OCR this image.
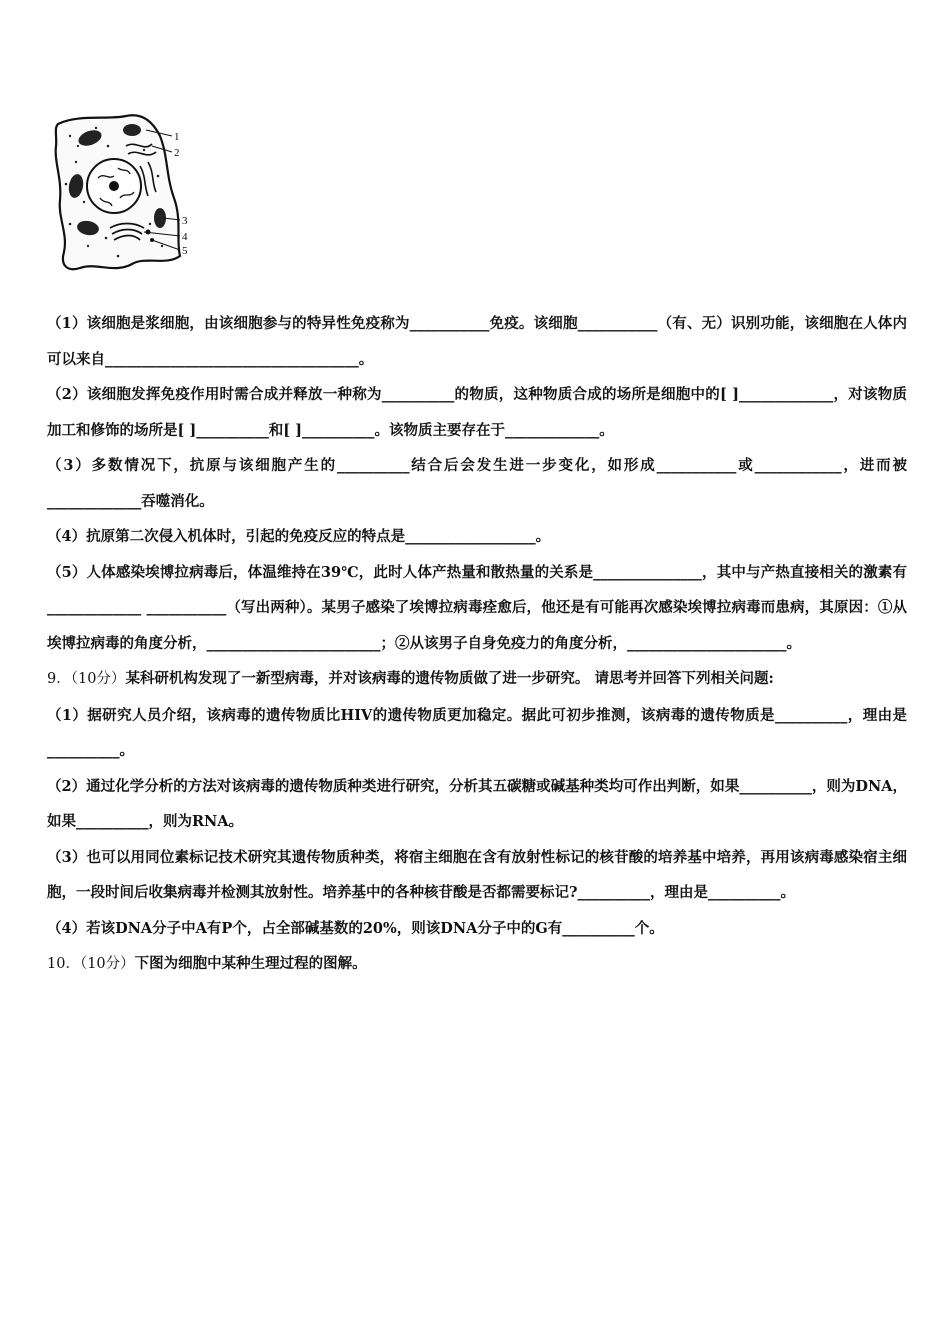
1
2
3
4
5

（1）该细胞是浆细胞，由该细胞参与的特异性免疫称为___________免疫。该细胞___________（有、无）识别功能，该细胞在人体内可以来自___________________________________。

（2）该细胞发挥免疫作用时需合成并释放一种称为__________的物质，这种物质合成的场所是细胞中的[ ]_____________，对该物质加工和修饰的场所是[ ]__________和[ ]__________。该物质主要存在于_____________。

（3）多数情况下，抗原与该细胞产生的__________结合后会发生进一步变化，如形成___________或____________，进而被_____________吞噬消化。

（4）抗原第二次侵入机体时，引起的免疫反应的特点是__________________。

（5）人体感染埃博拉病毒后，体温维持在39℃，此时人体产热量和散热量的关系是_______________，其中与产热直接相关的激素有_____________ ___________（写出两种）。某男子感染了埃博拉病毒痊愈后，他还是有可能再次感染埃博拉病毒而患病，其原因：①从埃博拉病毒的角度分析，________________________；②从该男子自身免疫力的角度分析，______________________。

9．（10分）某科研机构发现了一新型病毒，并对该病毒的遗传物质做了进一步研究。 请思考并回答下列相关问题:

（1）据研究人员介绍，该病毒的遗传物质比HIV的遗传物质更加稳定。据此可初步推测，该病毒的遗传物质是__________，理由是__________。

（2）通过化学分析的方法对该病毒的遗传物质种类进行研究，分析其五碳糖或碱基种类均可作出判断，如果__________，则为DNA，如果__________，则为RNA。

（3）也可以用同位素标记技术研究其遗传物质种类，将宿主细胞在含有放射性标记的核苷酸的培养基中培养，再用该病毒感染宿主细胞，一段时间后收集病毒并检测其放射性。培养基中的各种核苷酸是否都需要标记?__________，理由是__________。

（4）若该DNA分子中A有P个，占全部碱基数的20%，则该DNA分子中的G有__________个。

10．（10分）下图为细胞中某种生理过程的图解。
